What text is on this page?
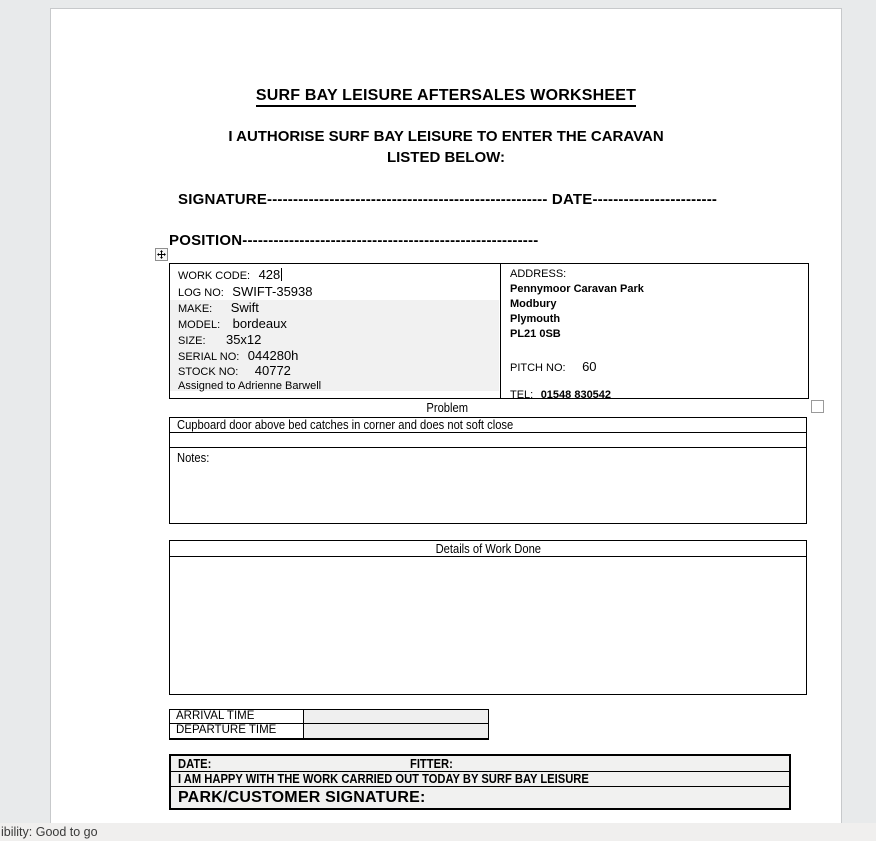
SURF BAY LEISURE AFTERSALES WORKSHEET
I AUTHORISE SURF BAY LEISURE TO ENTER THE CARAVAN
LISTED BELOW:
SIGNATURE------------------------------------------------------ DATE------------------------
POSITION---------------------------------------------------------
WORK CODE: 428
LOG NO: SWIFT-35938
MAKE: Swift
MODEL: bordeaux
SIZE: 35x12
SERIAL NO: 044280h
STOCK NO: 40772
Assigned to Adrienne Barwell
ADDRESS:
Pennymoor Caravan Park
Modbury
Plymouth
PL21 0SB
PITCH NO: 60
TEL: 01548 830542
Problem
Cupboard door above bed catches in corner and does not soft close
Notes:
Details of Work Done
ARRIVAL TIME
DEPARTURE TIME
DATE:	FITTER:
I AM HAPPY WITH THE WORK CARRIED OUT TODAY BY SURF BAY LEISURE
PARK/CUSTOMER SIGNATURE:
ibility: Good to go
